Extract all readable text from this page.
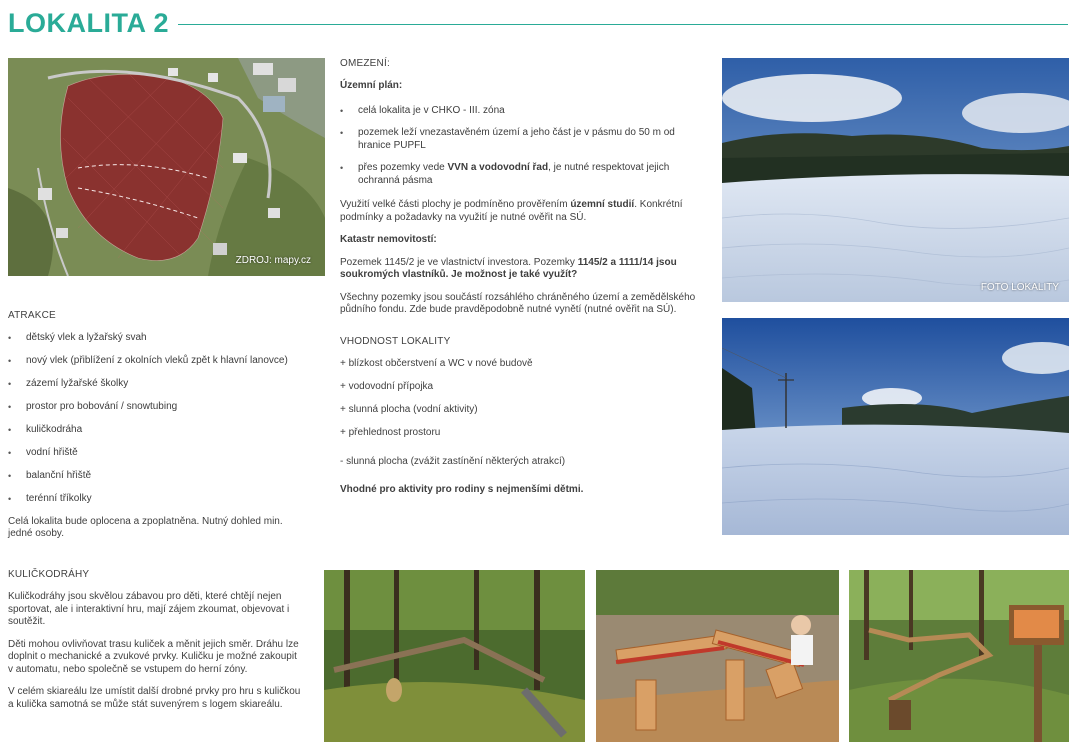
LOKALITA 2
ZDROJ: mapy.cz
OMEZENÍ:
Územní plán:
• celá lokalita je v CHKO - III. zóna
• pozemek leží vnezastavěném území a jeho část je v pásmu do 50 m od hranice PUPFL
• přes pozemky vede VVN a vodovodní řad, je nutné respektovat jejich ochranná pásma
Využití velké části plochy je podmíněno prověřením územní studií. Konkrétní podmínky a požadavky na využití je nutné ověřit na SÚ.
Katastr nemovitostí:
Pozemek 1145/2 je ve vlastnictví investora. Pozemky 1145/2 a 1111/14 jsou soukromých vlastníků. Je možnost je také využít?
Všechny pozemky jsou součástí rozsáhlého chráněného území a zemědělského půdního fondu. Zde bude pravděpodobně nutné vynětí (nutné ověřit na SÚ).
VHODNOST LOKALITY
+ blízkost občerstvení a WC v nové budově
+ vodovodní přípojka
+ slunná plocha (vodní aktivity)
+ přehlednost prostoru
- slunná plocha (zvážit zastínění některých atrakcí)
Vhodné pro aktivity pro rodiny s nejmenšími dětmi.
ATRAKCE
• dětský vlek a lyžařský svah
• nový vlek (přiblížení z okolních vleků zpět k hlavní lanovce)
• zázemí lyžařské školky
• prostor pro bobování / snowtubing
• kuličkodráha
• vodní hřiště
• balanční hřiště
• terénní tříkolky
Celá lokalita bude oplocena a zpoplatněna. Nutný dohled min. jedné osoby.
KULIČKODRÁHY
Kuličkodráhy jsou skvělou zábavou pro děti, které chtějí nejen sportovat, ale i interaktivní hru, mají zájem zkoumat, objevovat i soutěžit.
Děti mohou ovlivňovat trasu kuliček a měnit jejich směr. Dráhu lze doplnit o mechanické a zvukové prvky. Kuličku je možné zakoupit v automatu, nebo společně se vstupem do herní zóny.
V celém skiareálu lze umístit další drobné prvky pro hru s kuličkou a kulička samotná se může stát suvenýrem s logem skiareálu.
FOTO LOKALITY
